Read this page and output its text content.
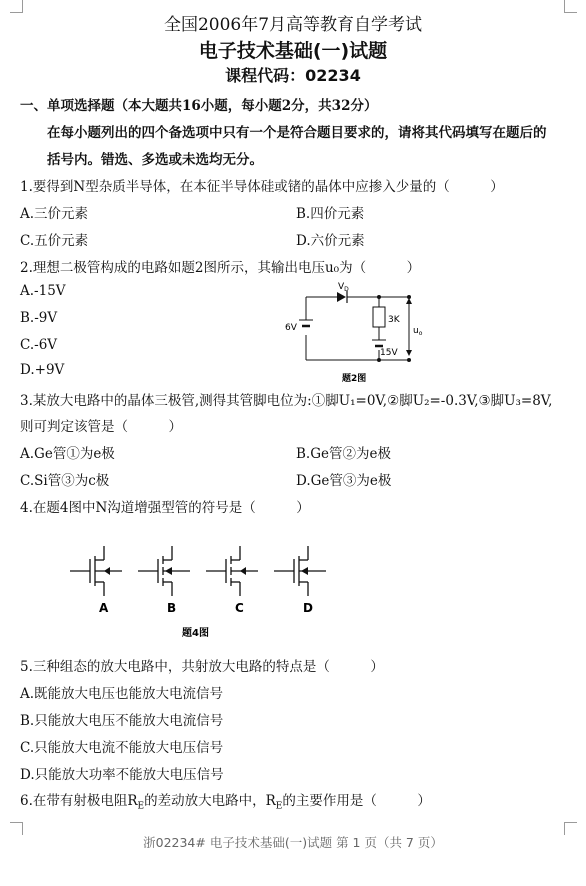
全国2006年7月高等教育自学考试
电子技术基础(一)试题
课程代码：02234
一、单项选择题（本大题共16小题，每小题2分，共32分）
在每小题列出的四个备选项中只有一个是符合题目要求的，请将其代码填写在题后的
括号内。错选、多选或未选均无分。
1.要得到N型杂质半导体，在本征半导体硅或锗的晶体中应掺入少量的（　　　）
A.三价元素	B.四价元素
C.五价元素	D.六价元素
2.理想二极管构成的电路如题2图所示，其输出电压u₀为（　　　）
A.-15V
B.-9V
C.-6V
D.+9V
$V_D$
3K
6V
15V
$u_o$
题2图
3.某放大电路中的晶体三极管,测得其管脚电位为:①脚U₁=0V,②脚U₂=-0.3V,③脚U₃=8V,
则可判定该管是（　　　）
A.Ge管①为e极	B.Ge管②为e极
C.Si管③为c极	D.Ge管③为e极
4.在题4图中N沟道增强型管的符号是（　　　）
A	B	C	D
题4图
5.三种组态的放大电路中，共射放大电路的特点是（　　　）
A.既能放大电压也能放大电流信号
B.只能放大电压不能放大电流信号
C.只能放大电流不能放大电压信号
D.只能放大功率不能放大电压信号
6.在带有射极电阻$R_E$的差动放大电路中，$R_E$的主要作用是（　　　）
浙02234# 电子技术基础(一)试题 第 1 页（共 7 页）
